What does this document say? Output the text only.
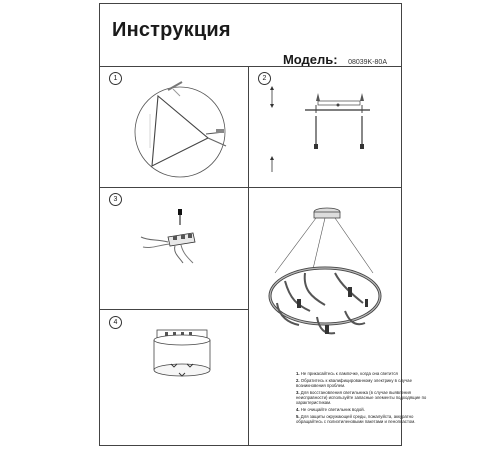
Инструкция
Модель: 08039K-80A
1	2
3
4
1. Не прикасайтесь к лампочке, когда она светится
2. Обратитесь к квалифицированному электрику в случае возникновения проблем.
3. Для восстановления светильника (в случае выявления неисправности) используйте запасные элементы подходящие по характеристикам.
4. Не очищайте светильник водой.
5. Для защиты окружающей среды, пожалуйста, аккуратно обращайтесь с полиэтиленовыми пакетами и пенопластом.
